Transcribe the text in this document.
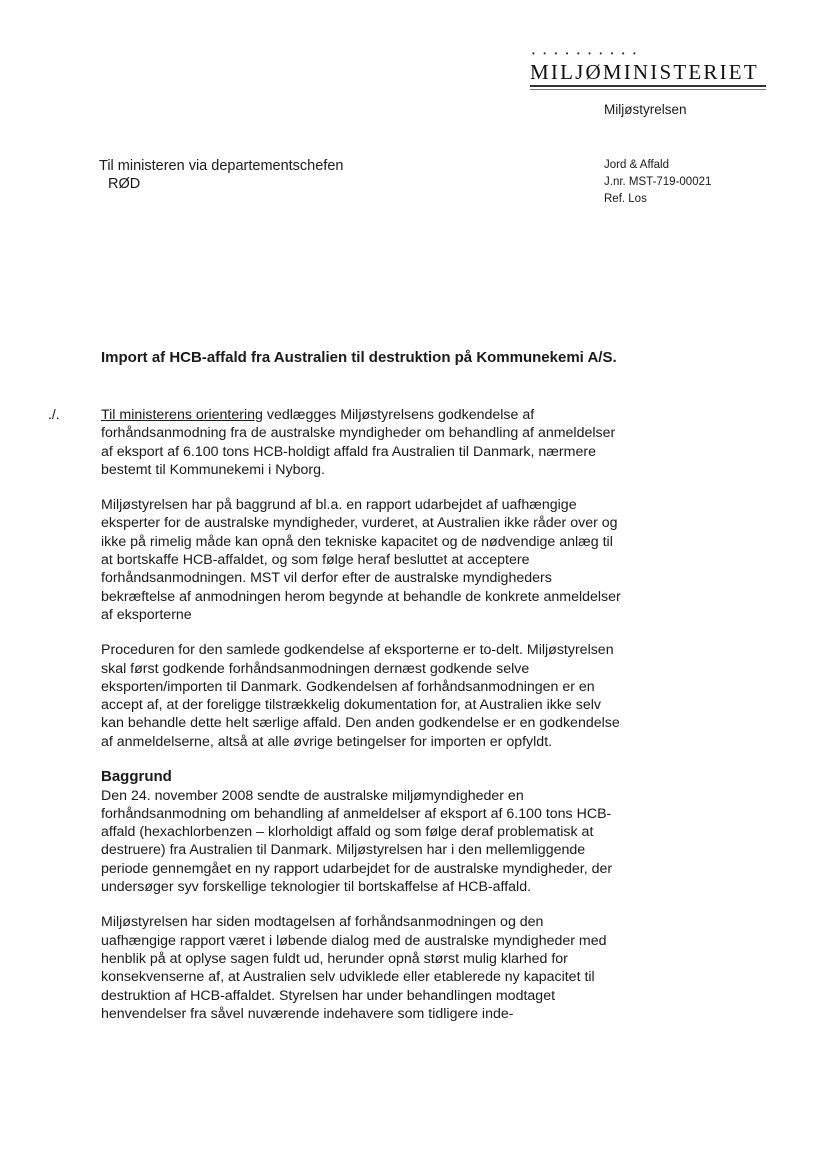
• • • • • • • • • •
MILJØMINISTERIET
Miljøstyrelsen
Til ministeren via departementschefen
RØD
Jord & Affald
J.nr. MST-719-00021
Ref. Los
Import af HCB-affald fra Australien til destruktion på Kommunekemi A/S.
./.	Til ministerens orientering vedlægges Miljøstyrelsens godkendelse af forhåndsanmodning fra de australske myndigheder om behandling af anmeldelser af eksport af 6.100 tons HCB-holdigt affald fra Australien til Danmark, nærmere bestemt til Kommunekemi i Nyborg.

Miljøstyrelsen har på baggrund af bl.a. en rapport udarbejdet af uafhængige eksperter for de australske myndigheder, vurderet, at Australien ikke råder over og ikke på rimelig måde kan opnå den tekniske kapacitet og de nødvendige anlæg til at bortskaffe HCB-affaldet, og som følge heraf besluttet at acceptere forhåndsanmodningen. MST vil derfor efter de australske myndigheders bekræftelse af anmodningen herom begynde at behandle de konkrete anmeldelser af eksporterne

Proceduren for den samlede godkendelse af eksporterne er to-delt. Miljøstyrelsen skal først godkende forhåndsanmodningen dernæst godkende selve eksporten/importen til Danmark. Godkendelsen af forhåndsanmodningen er en accept af, at der foreligge tilstrækkelig dokumentation for, at Australien ikke selv kan behandle dette helt særlige affald. Den anden godkendelse er en godkendelse af anmeldelserne, altså at alle øvrige betingelser for importen er opfyldt.

Baggrund

Den 24. november 2008 sendte de australske miljømyndigheder en forhåndsanmodning om behandling af anmeldelser af eksport af 6.100 tons HCB-affald (hexachlorbenzen – klorholdigt affald og som følge deraf problematisk at destruere) fra Australien til Danmark. Miljøstyrelsen har i den mellemliggende periode gennemgået en ny rapport udarbejdet for de australske myndigheder, der undersøger syv forskellige teknologier til bortskaffelse af HCB-affald.

Miljøstyrelsen har siden modtagelsen af forhåndsanmodningen og den uafhængige rapport været i løbende dialog med de australske myndigheder med henblik på at oplyse sagen fuldt ud, herunder opnå størst mulig klarhed for konsekvenserne af, at Australien selv udviklede eller etablerede ny kapacitet til destruktion af HCB-affaldet. Styrelsen har under behandlingen modtaget henvendelser fra såvel nuværende indehavere som tidligere inde-
